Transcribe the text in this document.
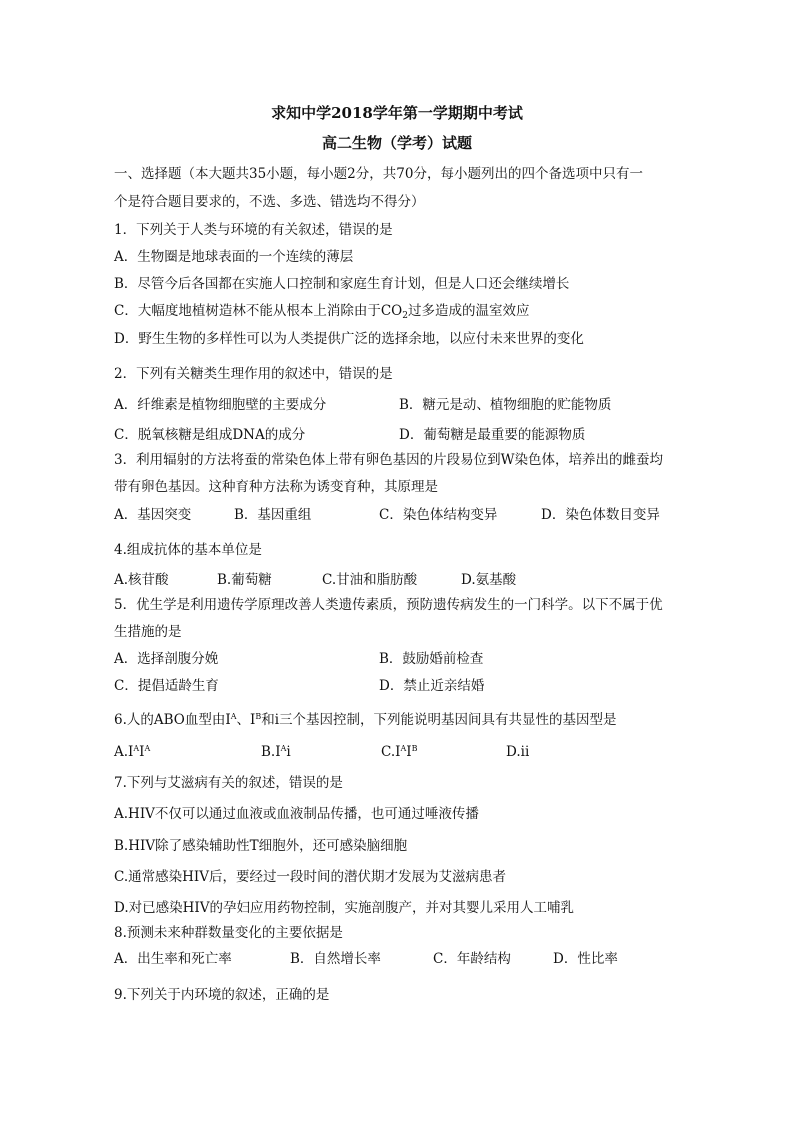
求知中学2018学年第一学期期中考试
高二生物（学考）试题
一、选择题（本大题共35小题，每小题2分，共70分，每小题列出的四个备选项中只有一
个是符合题目要求的，不选、多选、错选均不得分）
1．下列关于人类与环境的有关叙述，错误的是
A．生物圈是地球表面的一个连续的薄层
B．尽管今后各国都在实施人口控制和家庭生育计划，但是人口还会继续增长
C．大幅度地植树造林不能从根本上消除由于$CO_2$过多造成的温室效应
D．野生生物的多样性可以为人类提供广泛的选择余地，以应付未来世界的变化
2．下列有关糖类生理作用的叙述中，错误的是
A．纤维素是植物细胞壁的主要成分	B．糖元是动、植物细胞的贮能物质
C．脱氧核糖是组成DNA的成分	D．葡萄糖是最重要的能源物质
3．利用辐射的方法将蚕的常染色体上带有卵色基因的片段易位到W染色体，培养出的雌蚕均
带有卵色基因。这种育种方法称为诱变育种，其原理是
A．基因突变	B．基因重组	C．染色体结构变异	D．染色体数目变异
4.组成抗体的基本单位是
A.核苷酸	B.葡萄糖	C.甘油和脂肪酸	D.氨基酸
5．优生学是利用遗传学原理改善人类遗传素质，预防遗传病发生的一门科学。以下不属于优
生措施的是
A．选择剖腹分娩	B．鼓励婚前检查
C．提倡适龄生育	D．禁止近亲结婚
6.人的ABO血型由$I^A$、$I^B$和i三个基因控制，下列能说明基因间具有共显性的基因型是
$A.I^AI^A$	$B.I^Ai$	$C.I^AI^B$	D.ii
7.下列与艾滋病有关的叙述，错误的是
A.HIV不仅可以通过血液或血液制品传播，也可通过唾液传播
B.HIV除了感染辅助性T细胞外，还可感染脑细胞
C.通常感染HIV后，要经过一段时间的潜伏期才发展为艾滋病患者
D.对已感染HIV的孕妇应用药物控制，实施剖腹产，并对其婴儿采用人工哺乳
8.预测未来种群数量变化的主要依据是
A．出生率和死亡率	B．自然增长率	C．年龄结构	D．性比率
9.下列关于内环境的叙述，正确的是
